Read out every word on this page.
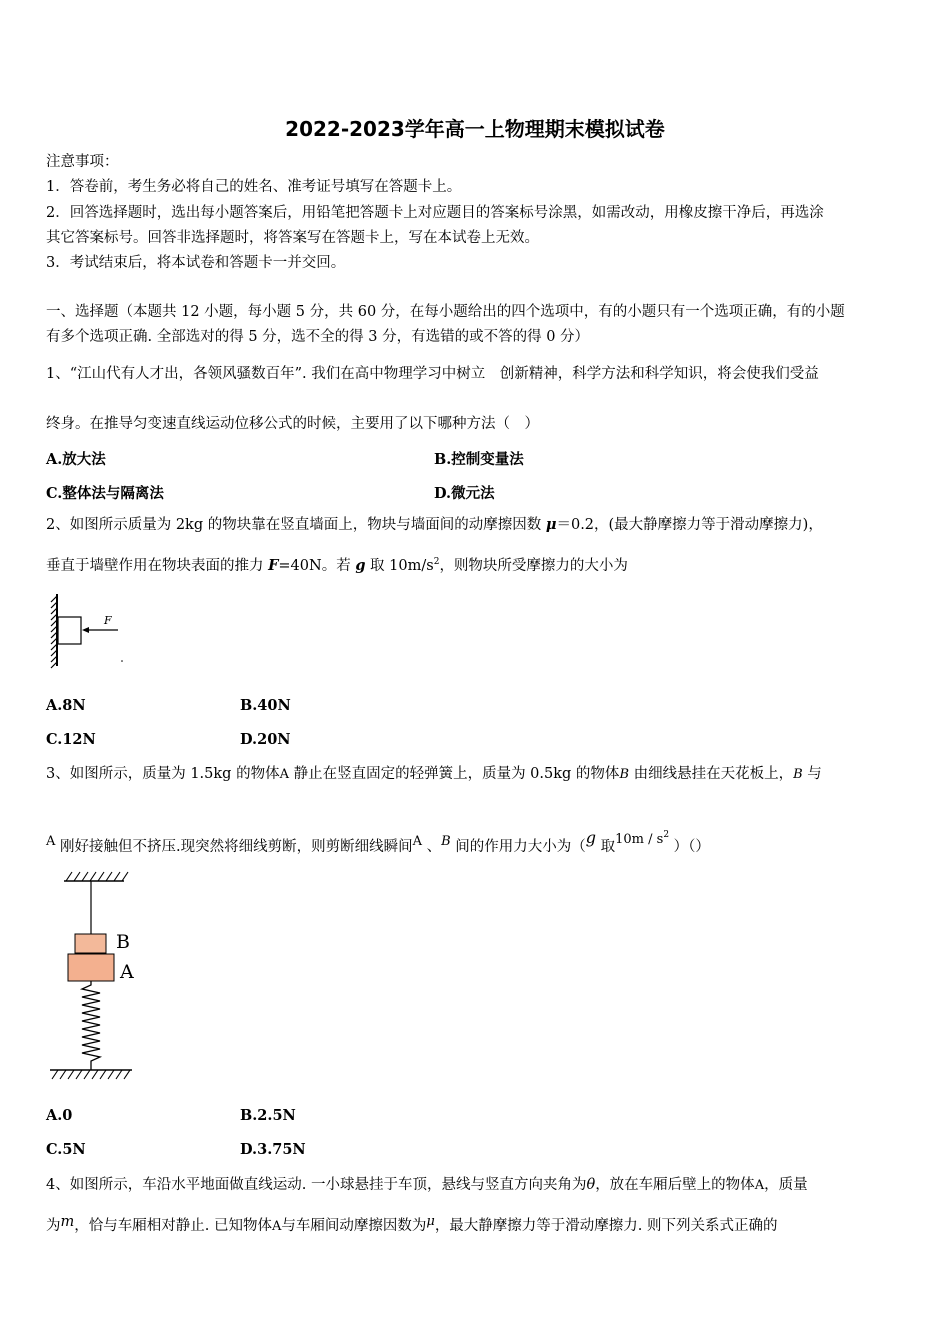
2022-2023学年高一上物理期末模拟试卷
注意事项：
1．答卷前，考生务必将自己的姓名、准考证号填写在答题卡上。
2．回答选择题时，选出每小题答案后，用铅笔把答题卡上对应题目的答案标号涂黑，如需改动，用橡皮擦干净后，再选涂
其它答案标号。回答非选择题时，将答案写在答题卡上，写在本试卷上无效。
3．考试结束后，将本试卷和答题卡一并交回。
一、选择题（本题共 12 小题，每小题 5 分，共 60 分，在每小题给出的四个选项中，有的小题只有一个选项正确，有的小题
有多个选项正确. 全部选对的得 5 分，选不全的得 3 分，有选错的或不答的得 0 分）
1、“江山代有人才出，各领风骚数百年”. 我们在高中物理学习中树立　创新精神，科学方法和科学知识，将会使我们受益
终身。在推导匀变速直线运动位移公式的时候，主要用了以下哪种方法（　）
A.放大法	B.控制变量法
C.整体法与隔离法	D.微元法
2、如图所示质量为 2kg 的物块靠在竖直墙面上，物块与墙面间的动摩擦因数 μ＝0.2，(最大静摩擦力等于滑动摩擦力)，
垂直于墙壁作用在物块表面的推力 F=40N。若 g 取 $10m/s^2$，则物块所受摩擦力的大小为
F
A.8N	B.40N
C.12N	D.20N
3、如图所示，质量为 1.5kg 的物体A 静止在竖直固定的轻弹簧上，质量为 0.5kg 的物体B 由细线悬挂在天花板上，B 与
A 刚好接触但不挤压.现突然将细线剪断，则剪断细线瞬间A 、B 间的作用力大小为（g 取$10m / s^2$ ）（）
B
A
A.0	B.2.5N
C.5N	D.3.75N
4、如图所示，车沿水平地面做直线运动. 一小球悬挂于车顶，悬线与竖直方向夹角为θ，放在车厢后壁上的物体A，质量
为m，恰与车厢相对静止. 已知物体A与车厢间动摩擦因数为μ，最大静摩擦力等于滑动摩擦力. 则下列关系式正确的
